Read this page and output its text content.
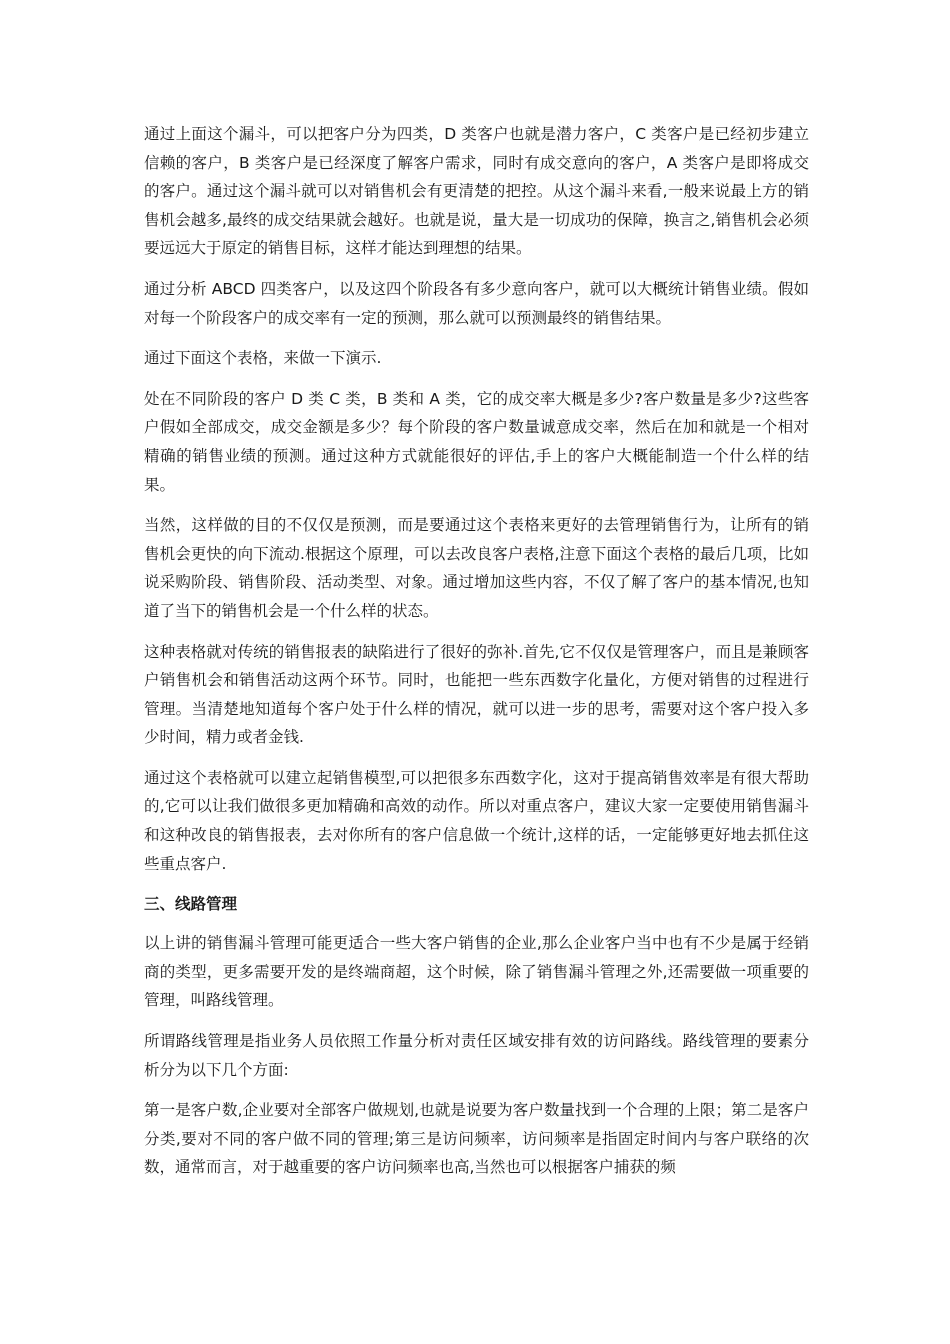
通过上面这个漏斗，可以把客户分为四类，D 类客户也就是潜力客户，C 类客户是已经初步建立信赖的客户，B 类客户是已经深度了解客户需求，同时有成交意向的客户，A 类客户是即将成交的客户。通过这个漏斗就可以对销售机会有更清楚的把控。从这个漏斗来看,一般来说最上方的销售机会越多,最终的成交结果就会越好。也就是说，量大是一切成功的保障，换言之,销售机会必须要远远大于原定的销售目标，这样才能达到理想的结果。

通过分析 ABCD 四类客户，以及这四个阶段各有多少意向客户，就可以大概统计销售业绩。假如对每一个阶段客户的成交率有一定的预测，那么就可以预测最终的销售结果。

通过下面这个表格，来做一下演示.

处在不同阶段的客户 D 类 C 类，B 类和 A 类，它的成交率大概是多少?客户数量是多少?这些客户假如全部成交，成交金额是多少？每个阶段的客户数量诚意成交率，然后在加和就是一个相对精确的销售业绩的预测。通过这种方式就能很好的评估,手上的客户大概能制造一个什么样的结果。

当然，这样做的目的不仅仅是预测，而是要通过这个表格来更好的去管理销售行为，让所有的销售机会更快的向下流动.根据这个原理，可以去改良客户表格,注意下面这个表格的最后几项，比如说采购阶段、销售阶段、活动类型、对象。通过增加这些内容，不仅了解了客户的基本情况,也知道了当下的销售机会是一个什么样的状态。

这种表格就对传统的销售报表的缺陷进行了很好的弥补.首先,它不仅仅是管理客户，而且是兼顾客户销售机会和销售活动这两个环节。同时，也能把一些东西数字化量化，方便对销售的过程进行管理。当清楚地知道每个客户处于什么样的情况，就可以进一步的思考，需要对这个客户投入多少时间，精力或者金钱.

通过这个表格就可以建立起销售模型,可以把很多东西数字化，这对于提高销售效率是有很大帮助的,它可以让我们做很多更加精确和高效的动作。所以对重点客户，建议大家一定要使用销售漏斗和这种改良的销售报表，去对你所有的客户信息做一个统计,这样的话，一定能够更好地去抓住这些重点客户.

三、线路管理

以上讲的销售漏斗管理可能更适合一些大客户销售的企业,那么企业客户当中也有不少是属于经销商的类型，更多需要开发的是终端商超，这个时候，除了销售漏斗管理之外,还需要做一项重要的管理，叫路线管理。

所谓路线管理是指业务人员依照工作量分析对责任区域安排有效的访问路线。路线管理的要素分析分为以下几个方面:

第一是客户数,企业要对全部客户做规划,也就是说要为客户数量找到一个合理的上限；第二是客户分类,要对不同的客户做不同的管理;第三是访问频率，访问频率是指固定时间内与客户联络的次数，通常而言，对于越重要的客户访问频率也高,当然也可以根据客户捕获的频
